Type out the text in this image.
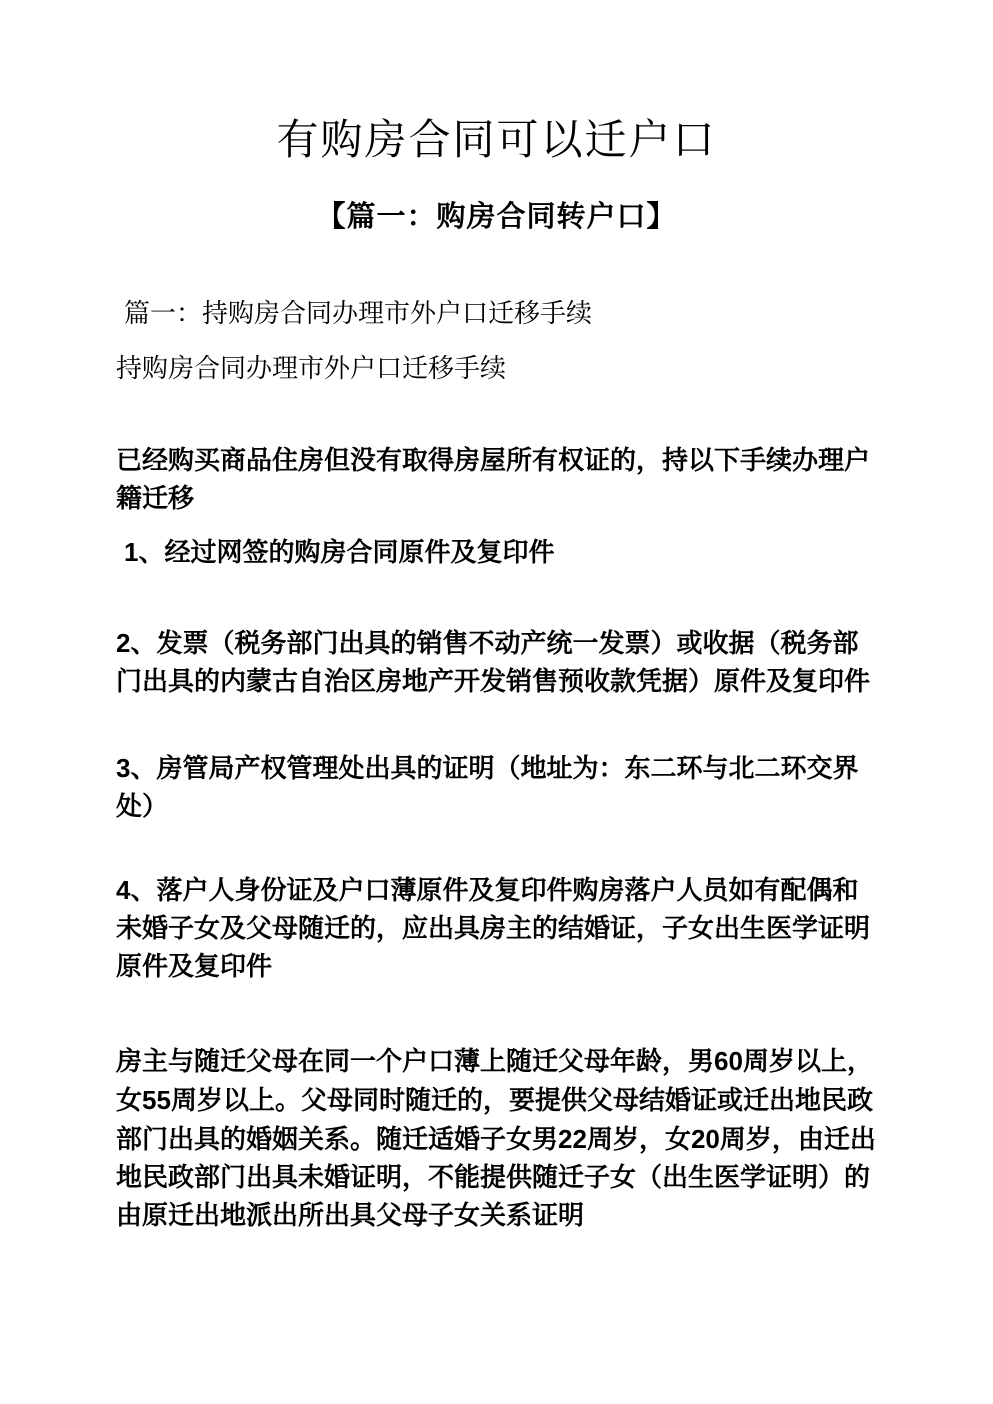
有购房合同可以迁户口
【篇一：购房合同转户口】

篇一：持购房合同办理市外户口迁移手续

持购房合同办理市外户口迁移手续

已经购买商品住房但没有取得房屋所有权证的，持以下手续办理户籍迁移

1、经过网签的购房合同原件及复印件

2、发票（税务部门出具的销售不动产统一发票）或收据（税务部门出具的内蒙古自治区房地产开发销售预收款凭据）原件及复印件

3、房管局产权管理处出具的证明（地址为：东二环与北二环交界处）

4、落户人身份证及户口薄原件及复印件购房落户人员如有配偶和未婚子女及父母随迁的，应出具房主的结婚证，子女出生医学证明原件及复印件

房主与随迁父母在同一个户口薄上随迁父母年龄，男60周岁以上，女55周岁以上。父母同时随迁的，要提供父母结婚证或迁出地民政部门出具的婚姻关系。随迁适婚子女男22周岁，女20周岁，由迁出地民政部门出具未婚证明，不能提供随迁子女（出生医学证明）的由原迁出地派出所出具父母子女关系证明
